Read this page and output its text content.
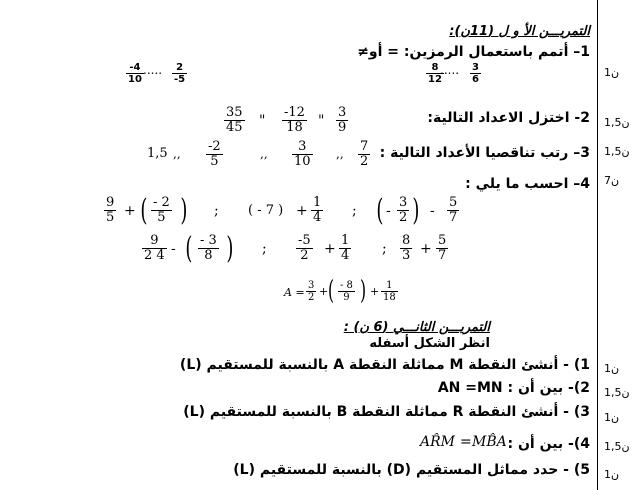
التمريـــن الأ و ل (11ن):
1– أتمم باستعمال الرمزين: = أو≠
1ن
8
12
..... 3
6
-4
10
..... 2
-5
2- اختزل الاعداد التالية: 1,5ن
3
9
"
-12
18
"
35
45
3– رتب تناقصيا الأعداد التالية : 1,5ن
7
2
,,
3
10
,,
-2
5
,,
1,5
4– احسب ما يلي : 7ن
9
5 + ( - 2
5 ) ; ( - 7 ) +
1
4 ; ( -
3
2 ) -
5
7
9
2 4 - ( - 3
8 ) ;
-5
2 +
1
4 ;
8
3 +
5
7
A =
3
2 + ( - 8
9 ) + 1
18
التمريـــن الثانـــي (6 ن) :
انظر الشكل أسفله
1) - أنشئ النقطة M مماثلة النقطة A بالنسبة للمستقيم (L) 1ن
2)- بين أن : AN =MN 1,5ن
3) - أنشئ النقطة R مماثلة النقطة B بالنسبة للمستقيم (L) 1ن
4)- بين أن :
AR̂M = MB̂A	1,5ن
5) - حدد مماثل المستقيم (D) بالنسبة للمستقيم (L) 1ن
